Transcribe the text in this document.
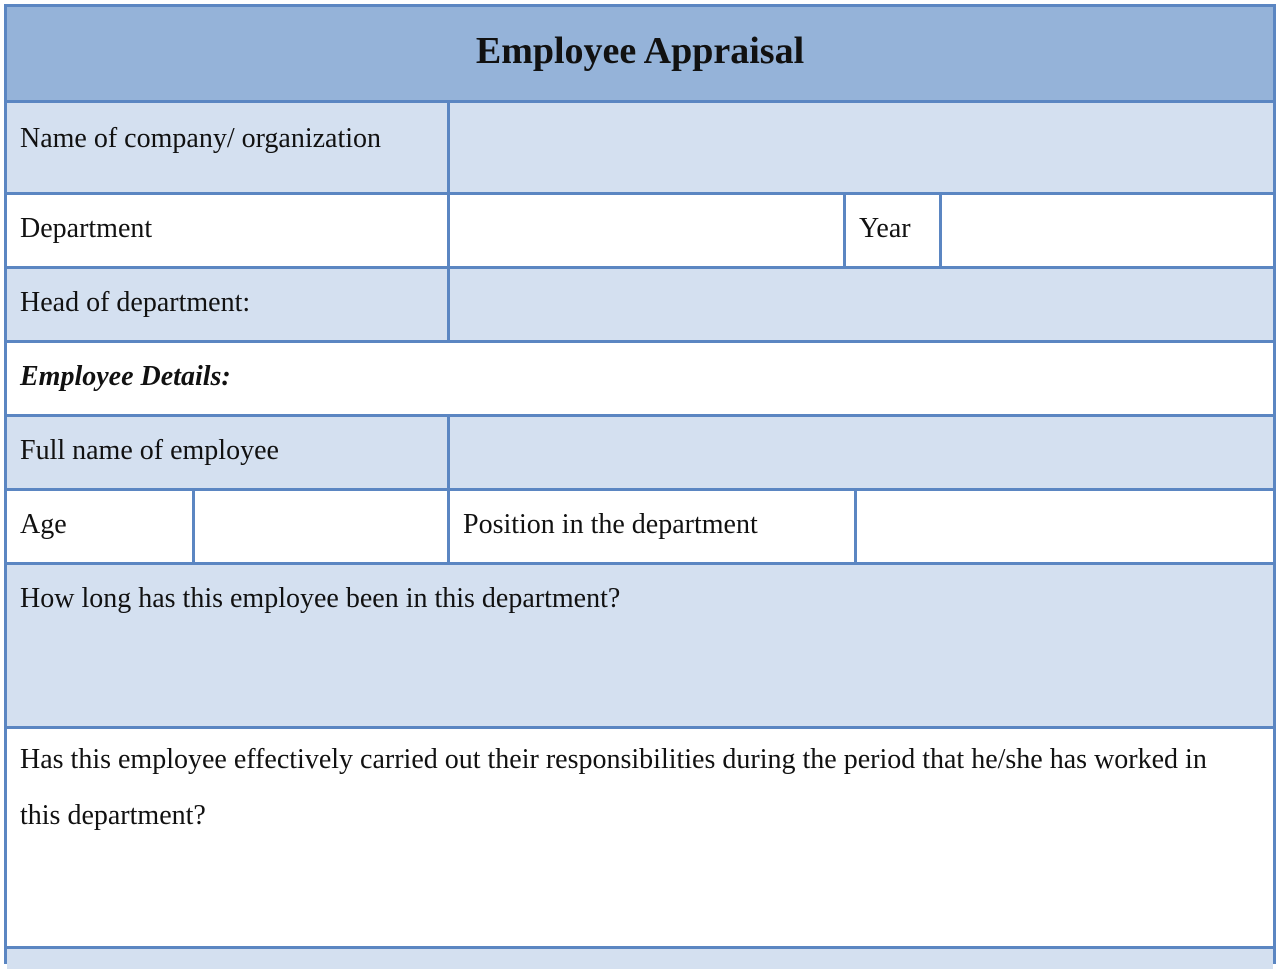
Employee Appraisal
Name of company/ organization
Department	Year
Head of department:
Employee Details:
Full name of employee
Age	Position in the department
How long has this employee been in this department?
Has this employee effectively carried out their responsibilities during the period that he/she has worked in this department?
